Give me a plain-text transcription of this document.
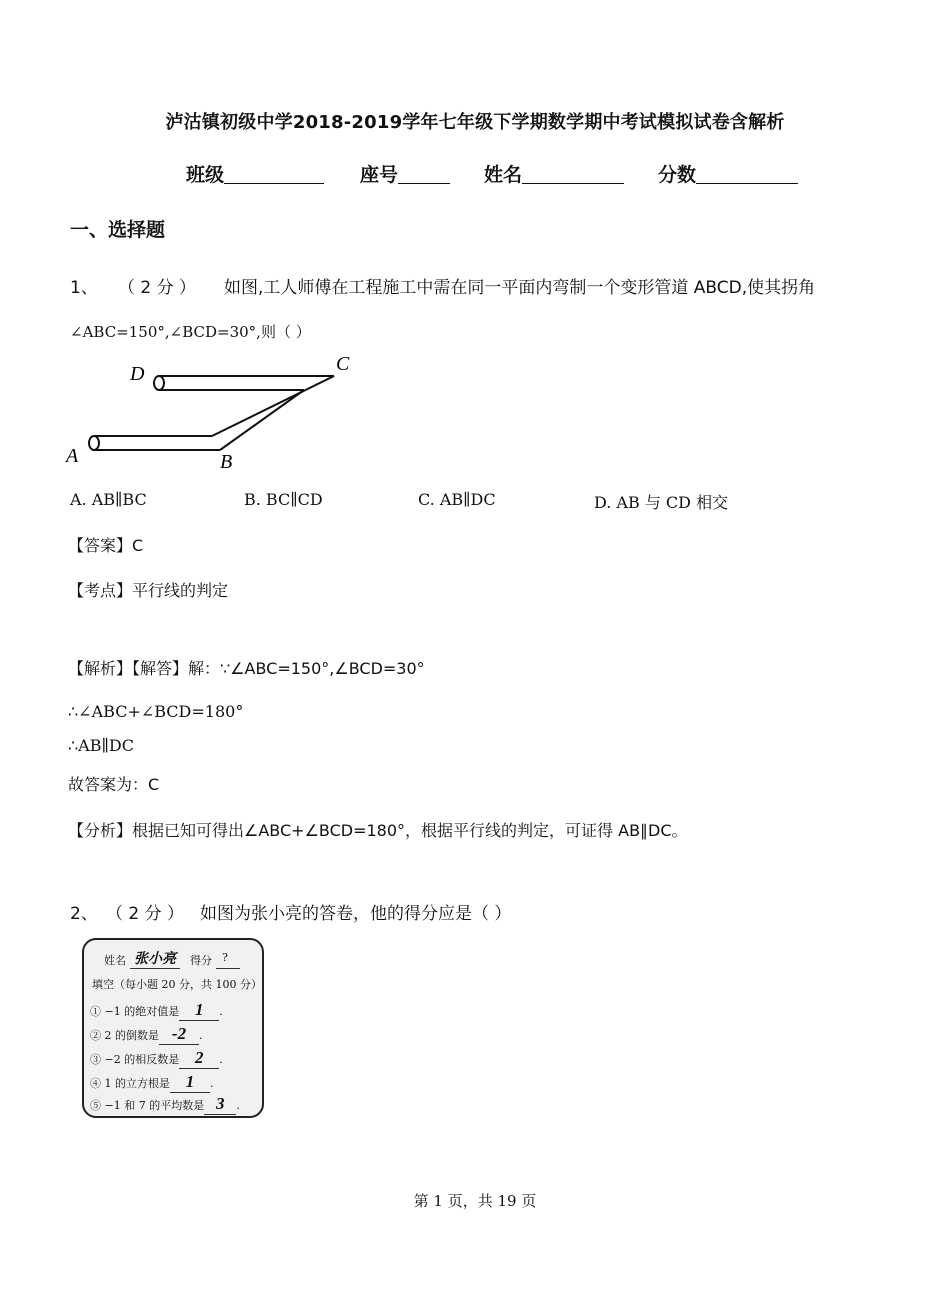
泸沽镇初级中学2018-2019学年七年级下学期数学期中考试模拟试卷含解析
班级	座号	姓名	分数
一、选择题
1、 （ 2 分 ） 如图,工人师傅在工程施工中需在同一平面内弯制一个变形管道 ABCD,使其拐角
∠ABC=150°,∠BCD=30°,则（ ）
D	C
A	B
A. AB∥BC	B. BC∥CD	C. AB∥DC	D. AB 与 CD 相交
【答案】C
【考点】平行线的判定
【解析】【解答】解：∵∠ABC=150°,∠BCD=30°
∴∠ABC+∠BCD=180°
∴AB∥DC
故答案为：C
【分析】根据已知可得出∠ABC+∠BCD=180°，根据平行线的判定，可证得 AB∥DC。
2、 （ 2 分 ） 如图为张小亮的答卷，他的得分应是（ ）
姓名 张小亮 得分 ?
填空（每小题 20 分，共 100 分）
① −1 的绝对值是 1 .
② 2 的倒数是 -2 .
③ −2 的相反数是 2 .
④ 1 的立方根是 1 .
⑤ −1 和 7 的平均数是 3 .
第 1 页，共 19 页
